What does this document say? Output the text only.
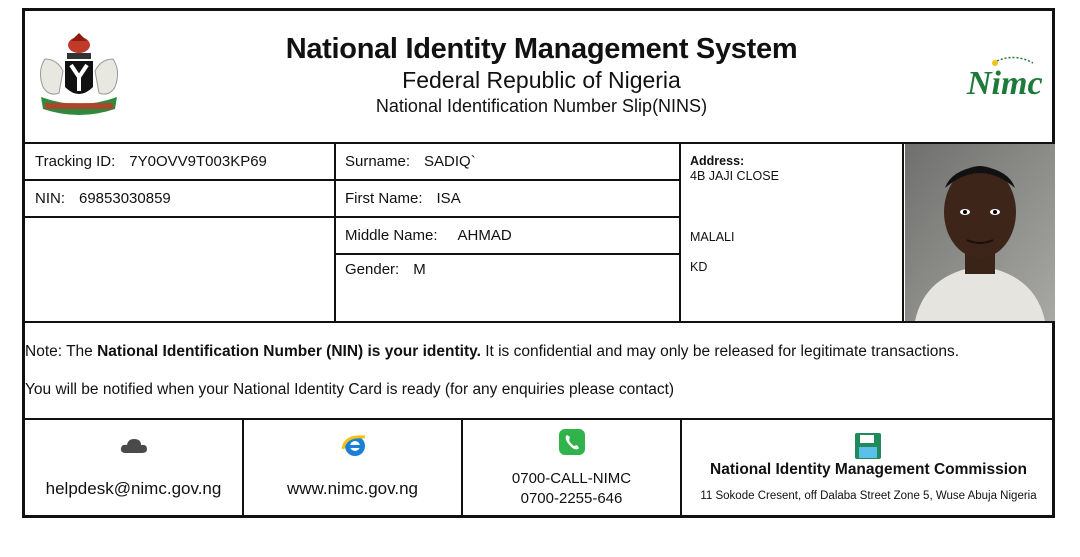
National Identity Management System
Federal Republic of Nigeria
National Identification Number Slip(NINS)
Nimc
Tracking ID: 7Y0OVV9T003KP69
NIN: 69853030859
Surname: SADIQ`
First Name: ISA
Middle Name: AHMAD
Gender: M
Address:
4B JAJI CLOSE
MALALI
KD
Note: The National Identification Number (NIN) is your identity. It is confidential and may only be released for legitimate transactions.
You will be notified when your National Identity Card is ready (for any enquiries please contact)
helpdesk@nimc.gov.ng	www.nimc.gov.ng
0700-CALL-NIMC
0700-2255-646
National Identity Management Commission
11 Sokode Cresent, off Dalaba Street Zone 5, Wuse Abuja Nigeria
